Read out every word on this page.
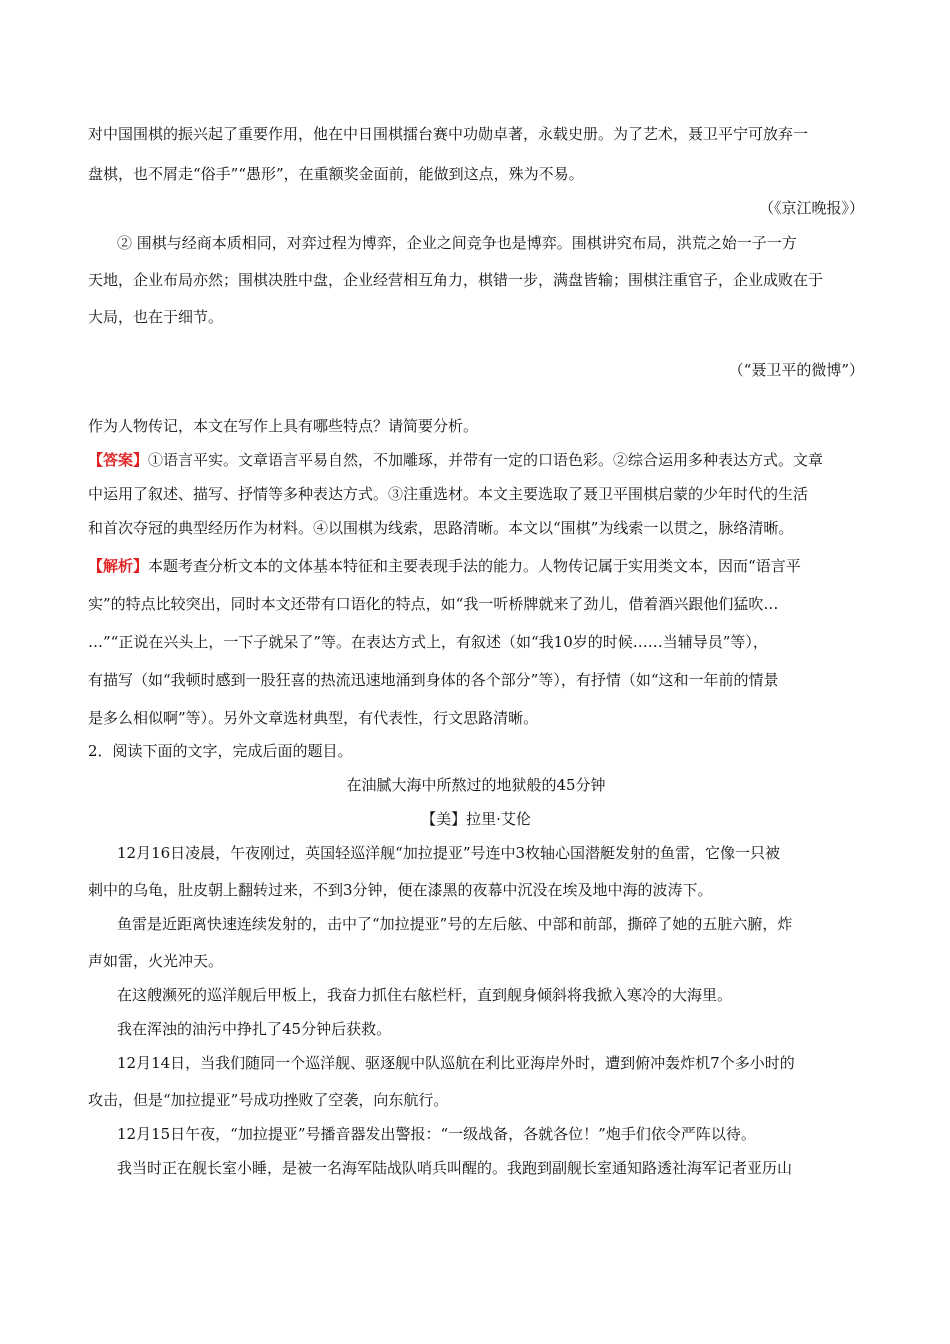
对中国围棋的振兴起了重要作用，他在中日围棋擂台赛中功勋卓著，永载史册。为了艺术，聂卫平宁可放弃一
盘棋，也不屑走“俗手”“愚形”，在重额奖金面前，能做到这点，殊为不易。
（《京江晚报》）
② 围棋与经商本质相同，对弈过程为博弈，企业之间竞争也是博弈。围棋讲究布局，洪荒之始一子一方
天地，企业布局亦然；围棋决胜中盘，企业经营相互角力，棋错一步，满盘皆输；围棋注重官子，企业成败在于
大局，也在于细节。
（“聂卫平的微博”）
作为人物传记，本文在写作上具有哪些特点？请简要分析。
【答案】①语言平实。文章语言平易自然，不加雕琢，并带有一定的口语色彩。②综合运用多种表达方式。文章
中运用了叙述、描写、抒情等多种表达方式。③注重选材。本文主要选取了聂卫平围棋启蒙的少年时代的生活
和首次夺冠的典型经历作为材料。④以围棋为线索，思路清晰。本文以“围棋”为线索一以贯之，脉络清晰。
【解析】本题考查分析文本的文体基本特征和主要表现手法的能力。人物传记属于实用类文本，因而“语言平
实”的特点比较突出，同时本文还带有口语化的特点，如“我一听桥牌就来了劲儿，借着酒兴跟他们猛吹…
…”“正说在兴头上，一下子就呆了”等。在表达方式上，有叙述（如“我10岁的时候……当辅导员”等），
有描写（如“我顿时感到一股狂喜的热流迅速地涌到身体的各个部分”等），有抒情（如“这和一年前的情景
是多么相似啊”等）。另外文章选材典型，有代表性，行文思路清晰。
2．阅读下面的文字，完成后面的题目。
在油腻大海中所熬过的地狱般的45分钟
【美】拉里·艾伦
12月16日凌晨，午夜刚过，英国轻巡洋舰“加拉提亚”号连中3枚轴心国潜艇发射的鱼雷，它像一只被
刺中的乌龟，肚皮朝上翻转过来，不到3分钟，便在漆黑的夜幕中沉没在埃及地中海的波涛下。
鱼雷是近距离快速连续发射的，击中了“加拉提亚”号的左后舷、中部和前部，撕碎了她的五脏六腑，炸
声如雷，火光冲天。
在这艘濒死的巡洋舰后甲板上，我奋力抓住右舷栏杆，直到舰身倾斜将我掀入寒冷的大海里。
我在浑浊的油污中挣扎了45分钟后获救。
12月14日，当我们随同一个巡洋舰、驱逐舰中队巡航在利比亚海岸外时，遭到俯冲轰炸机7个多小时的
攻击，但是“加拉提亚”号成功挫败了空袭，向东航行。
12月15日午夜，“加拉提亚”号播音器发出警报：“一级战备，各就各位！”炮手们依令严阵以待。
我当时正在舰长室小睡，是被一名海军陆战队哨兵叫醒的。我跑到副舰长室通知路透社海军记者亚历山
